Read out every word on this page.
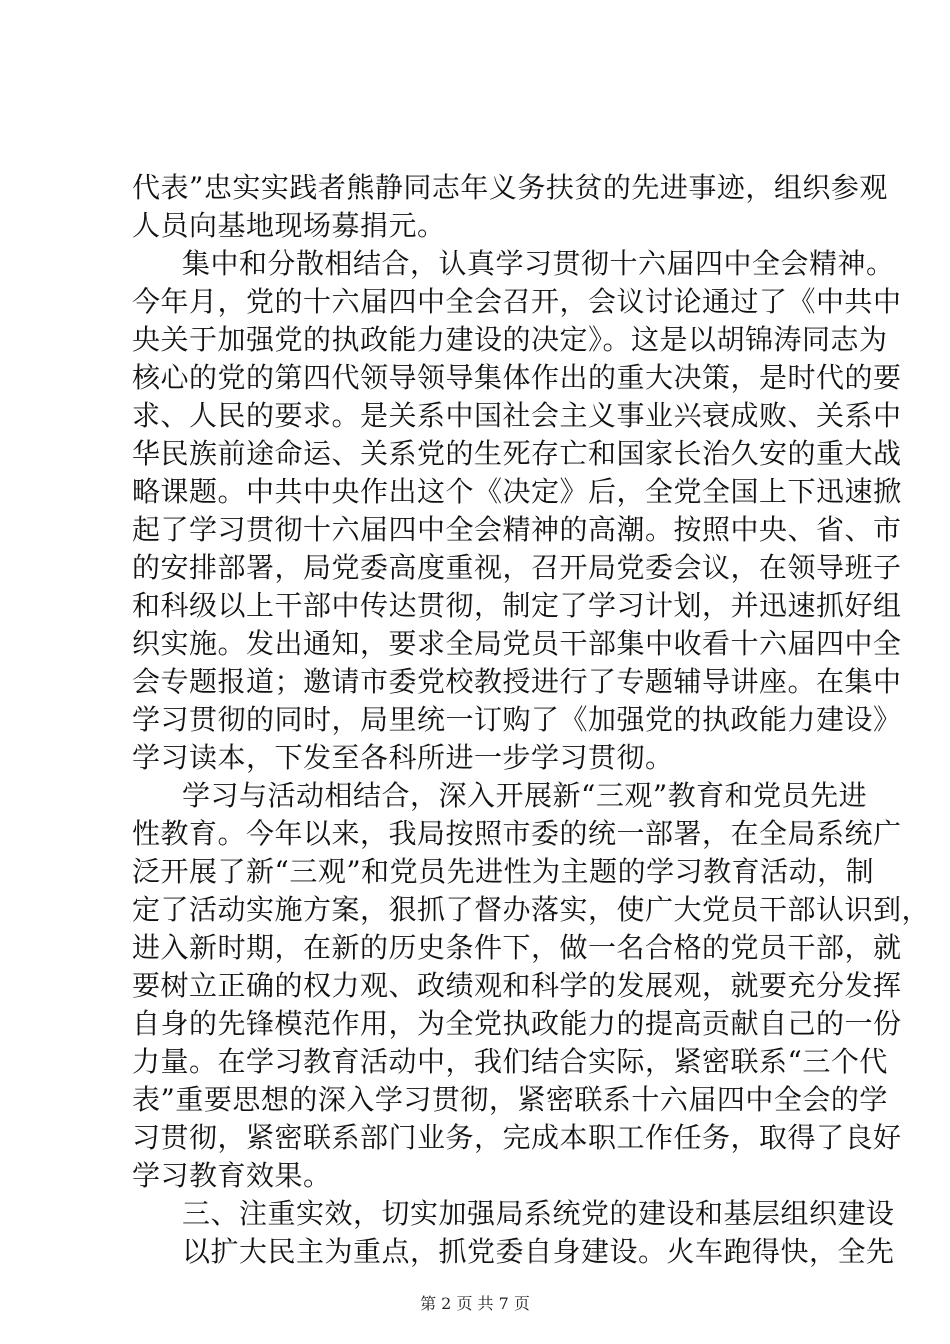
代表”忠实实践者熊静同志年义务扶贫的先进事迹，组织参观
人员向基地现场募捐元。
集中和分散相结合，认真学习贯彻十六届四中全会精神。
今年月，党的十六届四中全会召开，会议讨论通过了《中共中
央关于加强党的执政能力建设的决定》。这是以胡锦涛同志为
核心的党的第四代领导领导集体作出的重大决策，是时代的要
求、人民的要求。是关系中国社会主义事业兴衰成败、关系中
华民族前途命运、关系党的生死存亡和国家长治久安的重大战
略课题。中共中央作出这个《决定》后，全党全国上下迅速掀
起了学习贯彻十六届四中全会精神的高潮。按照中央、省、市
的安排部署，局党委高度重视，召开局党委会议，在领导班子
和科级以上干部中传达贯彻，制定了学习计划，并迅速抓好组
织实施。发出通知，要求全局党员干部集中收看十六届四中全
会专题报道；邀请市委党校教授进行了专题辅导讲座。在集中
学习贯彻的同时，局里统一订购了《加强党的执政能力建设》
学习读本，下发至各科所进一步学习贯彻。
学习与活动相结合，深入开展新“三观”教育和党员先进
性教育。今年以来，我局按照市委的统一部署，在全局系统广
泛开展了新“三观”和党员先进性为主题的学习教育活动，制
定了活动实施方案，狠抓了督办落实，使广大党员干部认识到，
进入新时期，在新的历史条件下，做一名合格的党员干部，就
要树立正确的权力观、政绩观和科学的发展观，就要充分发挥
自身的先锋模范作用，为全党执政能力的提高贡献自己的一份
力量。在学习教育活动中，我们结合实际，紧密联系“三个代
表”重要思想的深入学习贯彻，紧密联系十六届四中全会的学
习贯彻，紧密联系部门业务，完成本职工作任务，取得了良好
学习教育效果。
三、注重实效，切实加强局系统党的建设和基层组织建设
以扩大民主为重点，抓党委自身建设。火车跑得快，全先
第 2 页 共 7 页
